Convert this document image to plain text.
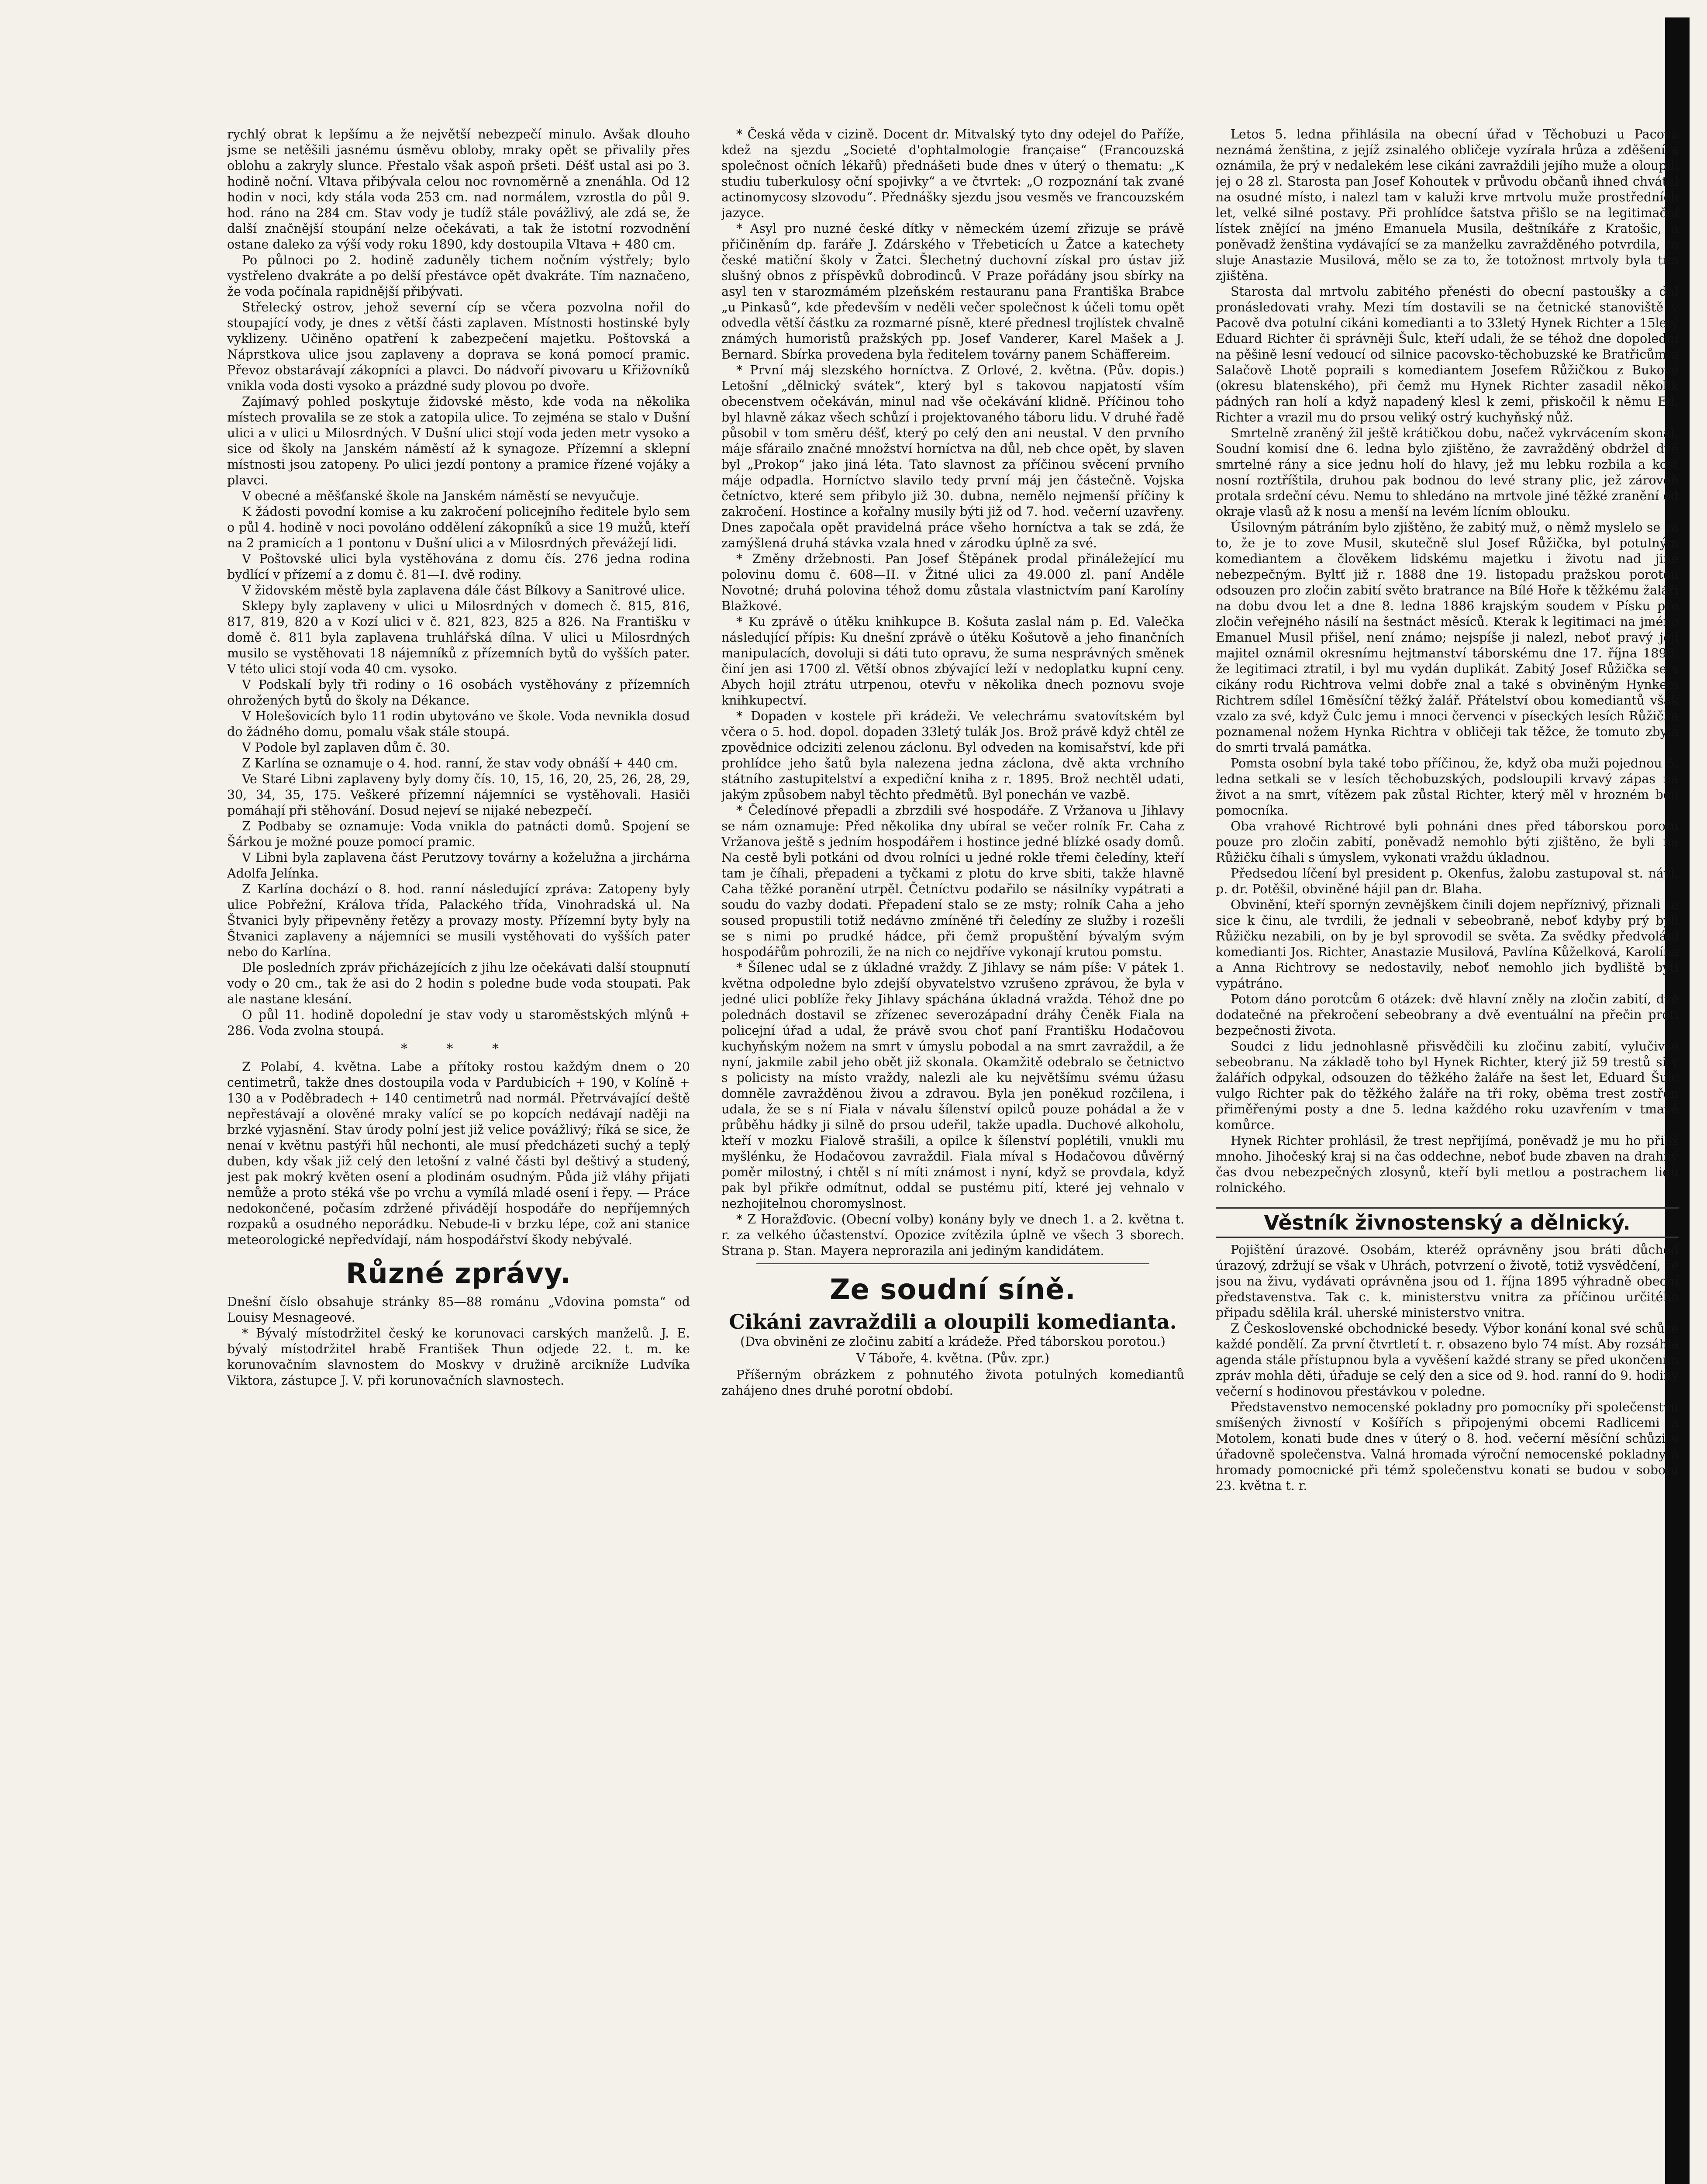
rychlý obrat k lepšímu a že největší nebezpečí minulo. Avšak dlouho jsme se netěšili jasnému úsměvu obloby, mraky opět se přivalily přes oblohu a zakryly slunce. Přestalo však aspoň pršeti. Déšť ustal asi po 3. hodině noční. Vltava přibývala celou noc rovnoměrně a znenáhla. Od 12 hodin v noci, kdy stála voda 253 cm. nad normálem, vzrostla do půl 9. hod. ráno na 284 cm. Stav vody je tudíž stále povážlivý, ale zdá se, že další značnější stoupání nelze očekávati, a tak že istotní rozvodnění ostane daleko za výší vody roku 1890, kdy dostoupila Vltava + 480 cm.

Po půlnoci po 2. hodině zaduněly tichem nočním výstřely; bylo vystřeleno dvakráte a po delší přestávce opět dvakráte. Tím naznačeno, že voda počínala rapidnější přibývati.

Střelecký ostrov, jehož severní cíp se včera pozvolna nořil do stoupající vody, je dnes z větší části zaplaven. Místnosti hostinské byly vyklizeny. Učiněno opatření k zabezpečení majetku. Poštovská a Náprstkova ulice jsou zaplaveny a doprava se koná pomocí pramic. Převoz obstarávají zákopníci a plavci. Do nádvoří pivovaru u Křižovníků vnikla voda dosti vysoko a prázdné sudy plovou po dvoře.

Zajímavý pohled poskytuje židovské město, kde voda na několika místech provalila se ze stok a zatopila ulice. To zejména se stalo v Dušní ulici a v ulici u Milosrdných. V Dušní ulici stojí voda jeden metr vysoko a sice od školy na Janském náměstí až k synagoze. Přízemní a sklepní místnosti jsou zatopeny. Po ulici jezdí pontony a pramice řízené vojáky a plavci.

V obecné a měšťanské škole na Janském náměstí se nevyučuje.

K žádosti povodní komise a ku zakročení policejního ředitele bylo sem o půl 4. hodině v noci povoláno oddělení zákopníků a sice 19 mužů, kteří na 2 pramicích a 1 pontonu v Dušní ulici a v Milosrdných převážejí lidi.

V Poštovské ulici byla vystěhována z domu čís. 276 jedna rodina bydlící v přízemí a z domu č. 81—I. dvě rodiny.

V židovském městě byla zaplavena dále část Bílkovy a Sanitrové ulice.

Sklepy byly zaplaveny v ulici u Milosrdných v domech č. 815, 816, 817, 819, 820 a v Kozí ulici v č. 821, 823, 825 a 826. Na Františku v domě č. 811 byla zaplavena truhlářská dílna. V ulici u Milosrdných musilo se vystěhovati 18 nájemníků z přízemních bytů do vyšších pater. V této ulici stojí voda 40 cm. vysoko.

V Podskalí byly tři rodiny o 16 osobách vystěhovány z přízemních ohrožených bytů do školy na Dékance.

V Holešovicích bylo 11 rodin ubytováno ve škole. Voda nevnikla dosud do žádného domu, pomalu však stále stoupá.

V Podole byl zaplaven dům č. 30.

Z Karlína se oznamuje o 4. hod. ranní, že stav vody obnáší + 440 cm.

Ve Staré Libni zaplaveny byly domy čís. 10, 15, 16, 20, 25, 26, 28, 29, 30, 34, 35, 175. Veškeré přízemní nájemníci se vystěhovali. Hasiči pomáhají při stěhování. Dosud nejeví se nijaké nebezpečí.

Z Podbaby se oznamuje: Voda vnikla do patnácti domů. Spojení se Šárkou je možné pouze pomocí pramic.

V Libni byla zaplavena část Perutzovy továrny a koželužna a jirchárna Adolfa Jelínka.

Z Karlína dochází o 8. hod. ranní následující zpráva: Zatopeny byly ulice Pobřežní, Králova třída, Palackého třída, Vinohradská ul. Na Štvanici byly připevněny řetězy a provazy mosty. Přízemní byty byly na Štvanici zaplaveny a nájemníci se musili vystěhovati do vyšších pater nebo do Karlína.

Dle posledních zpráv přicházejících z jihu lze očekávati další stoupnutí vody o 20 cm., tak že asi do 2 hodin s poledne bude voda stoupati. Pak ale nastane klesání.

O půl 11. hodině dopolední je stav vody u staroměstských mlýnů + 286. Voda zvolna stoupá.

* * *

Z Polabí, 4. května. Labe a přítoky rostou každým dnem o 20 centimetrů, takže dnes dostoupila voda v Pardubicích + 190, v Kolíně + 130 a v Poděbradech + 140 centimetrů nad normál. Přetrvávající deště nepřestávají a olověné mraky valící se po kopcích nedávají naději na brzké vyjasnění. Stav úrody polní jest již velice povážlivý; říká se sice, že nenaí v květnu pastýři hůl nechonti, ale musí předcházeti suchý a teplý duben, kdy však již celý den letošní z valné části byl deštivý a studený, jest pak mokrý květen osení a plodinám osudným. Půda již vláhy přijati nemůže a proto stéká vše po vrchu a vymílá mladé osení i řepy. — Práce nedokončené, počasím zdržené přivádějí hospodáře do nepříjemných rozpaků a osudného neporádku. Nebude-li v brzku lépe, což ani stanice meteorologické nepředvídají, nám hospodářství škody nebývalé.

Různé zprávy.

Dnešní číslo obsahuje stránky 85—88 románu „Vdovina pomsta“ od Louisy Mesnageové.

* Bývalý místodržitel český ke korunovaci carských manželů. J. E. bývalý místodržitel hrabě František Thun odjede 22. t. m. ke korunovačním slavnostem do Moskvy v družině arcikníže Ludvíka Viktora, zástupce J. V. při korunovačních slavnostech.

* Česká věda v cizině. Docent dr. Mitvalský tyto dny odejel do Paříže, kdež na sjezdu „Societé d'ophtalmologie française“ (Francouzská společnost očních lékařů) přednášeti bude dnes v úterý o thematu: „K studiu tuberkulosy oční spojivky“ a ve čtvrtek: „O rozpoznání tak zvané actinomycosy slzovodu“. Přednášky sjezdu jsou vesměs ve francouzském jazyce.

* Asyl pro nuzné české dítky v německém území zřizuje se právě přičiněním dp. faráře J. Zdárského v Třebeticích u Žatce a katechety české matiční školy v Žatci. Šlechetný duchovní získal pro ústav již slušný obnos z příspěvků dobrodinců. V Praze pořádány jsou sbírky na asyl ten v starozmámém plzeňském restauranu pana Františka Brabce „u Pinkasů“, kde především v neděli večer společnost k účeli tomu opět odvedla větší částku za rozmarné písně, které přednesl trojlístek chvalně známých humoristů pražských pp. Josef Vanderer, Karel Mašek a J. Bernard. Sbírka provedena byla ředitelem továrny panem Schäffereim.

* První máj slezského horníctva. Z Orlové, 2. května. (Pův. dopis.) Letošní „dělnický svátek“, který byl s takovou napjatostí vším obecenstvem očekáván, minul nad vše očekávání klidně. Příčinou toho byl hlavně zákaz všech schůzí i projektovaného táboru lidu. V druhé řadě působil v tom směru déšť, který po celý den ani neustal. V den prvního máje sfárailo značné množství horníctva na důl, neb chce opět, by slaven byl „Prokop“ jako jiná léta. Tato slavnost za příčinou svěcení prvního máje odpadla. Horníctvo slavilo tedy první máj jen částečně. Vojska četníctvo, které sem přibylo již 30. dubna, nemělo nejmenší příčiny k zakročení. Hostince a kořalny musily býti již od 7. hod. večerní uzavřeny. Dnes započala opět pravidelná práce všeho horníctva a tak se zdá, že zamýšlená druhá stávka vzala hned v zárodku úplně za své.

* Změny držebnosti. Pan Josef Štěpánek prodal přináležející mu polovinu domu č. 608—II. v Žitné ulici za 49.000 zl. paní Anděle Novotné; druhá polovina téhož domu zůstala vlastnictvím paní Karolíny Blažkové.

* Ku zprávě o útěku knihkupce B. Košuta zaslal nám p. Ed. Valečka následující přípis: Ku dnešní zprávě o útěku Košutově a jeho finančních manipulacích, dovoluji si dáti tuto opravu, že suma nesprávných směnek činí jen asi 1700 zl. Větší obnos zbývající leží v nedoplatku kupní ceny. Abych hojil ztrátu utrpenou, otevřu v několika dnech poznovu svoje knihkupectví.

* Dopaden v kostele při krádeži. Ve velechrámu svatovítském byl včera o 5. hod. dopol. dopaden 33letý tulák Jos. Brož právě když chtěl ze zpovědnice odciziti zelenou záclonu. Byl odveden na komisařství, kde při prohlídce jeho šatů byla nalezena jedna záclona, dvě akta vrchního státního zastupitelství a expediční kniha z r. 1895. Brož nechtěl udati, jakým způsobem nabyl těchto předmětů. Byl ponechán ve vazbě.

* Čeledínové přepadli a zbrzdili své hospodáře. Z Vržanova u Jihlavy se nám oznamuje: Před několika dny ubíral se večer rolník Fr. Caha z Vržanova ještě s jedním hospodářem i hostince jedné blízké osady domů. Na cestě byli potkáni od dvou rolníci u jedné rokle třemi čeledíny, kteří tam je číhali, přepadeni a tyčkami z plotu do krve sbiti, takže hlavně Caha těžké poranění utrpěl. Četníctvu podařilo se násilníky vypátrati a soudu do vazby dodati. Přepadení stalo se ze msty; rolník Caha a jeho soused propustili totiž nedávno zmíněné tři čeledíny ze služby i rozešli se s nimi po prudké hádce, při čemž propuštění bývalým svým hospodářům pohrozili, že na nich co nejdříve vykonají krutou pomstu.

* Šílenec udal se z úkladné vraždy. Z Jihlavy se nám píše: V pátek 1. května odpoledne bylo zdejší obyvatelstvo vzrušeno zprávou, že byla v jedné ulici poblíže řeky Jihlavy spáchána úkladná vražda. Téhož dne po polednách dostavil se zřízenec severozápadní dráhy Čeněk Fiala na policejní úřad a udal, že právě svou choť paní Františku Hodačovou kuchyňským nožem na smrt v úmyslu pobodal a na smrt zavraždil, a že nyní, jakmile zabil jeho obět již skonala. Okamžitě odebralo se četnictvo s policisty na místo vraždy, nalezli ale ku největšímu svému úžasu domněle zavražděnou živou a zdravou. Byla jen poněkud rozčilena, i udala, že se s ní Fiala v návalu šílenství opilců pouze pohádal a že v průběhu hádky ji silně do prsou udeřil, takže upadla. Duchové alkoholu, kteří v mozku Fialově strašili, a opilce k šílenství poplétili, vnukli mu myšlénku, že Hodačovou zavraždil. Fiala míval s Hodačovou důvěrný poměr milostný, i chtěl s ní míti známost i nyní, když se provdala, když pak byl přikře odmítnut, oddal se pustému pití, které jej vehnalo v nezhojitelnou choromyslnost.

* Z Horažďovic. (Obecní volby) konány byly ve dnech 1. a 2. května t. r. za velkého účastenství. Opozice zvítězila úplně ve všech 3 sborech. Strana p. Stan. Mayera neprorazila ani jediným kandidátem.

Ze soudní síně.
Cikáni zavraždili a oloupili komedianta.
(Dva obviněni ze zločinu zabití a krádeže. Před táborskou porotou.)
V Táboře, 4. května. (Pův. zpr.)

Příšerným obrázkem z pohnutého života potulných komediantů zahájeno dnes druhé porotní období.

Letos 5. ledna přihlásila na obecní úřad v Těchobuzi u Pacova neznámá ženština, z jejíž zsinalého obličeje vyzírala hrůza a zděšení a oznámila, že prý v nedalekém lese cikáni zavraždili jejího muže a oloupili jej o 28 zl. Starosta pan Josef Kohoutek v průvodu občanů ihned chvátal na osudné místo, i nalezl tam v kaluži krve mrtvolu muže prostředních let, velké silné postavy. Při prohlídce šatstva přišlo se na legitimační lístek znějící na jméno Emanuela Musila, deštníkáře z Kratošic, a poněvadž ženština vydávající se za manželku zavražděného potvrdila, že sluje Anastazie Musilová, mělo se za to, že totožnost mrtvoly byla tím zjištěna.

Starosta dal mrtvolu zabitého přenésti do obecní pastoušky a dal pronásledovati vrahy. Mezi tím dostavili se na četnické stanoviště v Pacově dva potulní cikáni komedianti a to 33letý Hynek Richter a 15letý Eduard Richter či správněji Šulc, kteří udali, že se téhož dne dopolední na pěšině lesní vedoucí od silnice pacovsko-těchobuzské ke Bratřicům a Salačově Lhotě popraili s komediantem Josefem Růžičkou z Bukové (okresu blatenského), při čemž mu Hynek Richter zasadil několik pádných ran holí a když napadený klesl k zemi, přiskočil k němu Ed. Richter a vrazil mu do prsou veliký ostrý kuchyňský nůž.

Smrtelně zraněný žil ještě krátičkou dobu, načež vykrvácením skonal. Soudní komisí dne 6. ledna bylo zjištěno, že zavražděný obdržel dvě smrtelné rány a sice jednu holí do hlavy, jež mu lebku rozbila a kost nosní roztříštila, druhou pak bodnou do levé strany plic, jež zároveň protala srdeční cévu. Nemu to shledáno na mrtvole jiné těžké zranění od okraje vlasů až k nosu a menší na levém lícním oblouku.

Úsilovným pátráním bylo zjištěno, že zabitý muž, o němž myslelo se za to, že je to zove Musil, skutečně slul Josef Růžička, byl potulným komediantem a člověkem lidskému majetku i životu nad jiné nebezpečným. Byltť již r. 1888 dne 19. listopadu pražskou porotou odsouzen pro zločin zabití světo bratrance na Bílé Hoře k těžkému žaláři na dobu dvou let a dne 8. ledna 1886 krajským soudem v Písku pro zločin veřejného násilí na šestnáct měsíců. Kterak k legitimaci na jméno Emanuel Musil přišel, není známo; nejspíše ji nalezl, neboť pravý její majitel oznámil okresnímu hejtmanství táborskému dne 17. října 1895, že legitimaci ztratil, i byl mu vydán duplikát. Zabitý Josef Růžička se s cikány rodu Richtrova velmi dobře znal a také s obviněným Hynkem Richtrem sdílel 16měsíční těžký žalář. Přátelství obou komediantů však vzalo za své, když Čulc jemu i mnoci červenci v píseckých lesích Růžička poznamenal nožem Hynka Richtra v obličeji tak těžce, že tomuto zbyla do smrti trvalá památka.

Pomsta osobní byla také tobo příčinou, že, když oba muži pojednou 5. ledna setkali se v lesích těchobuzských, podsloupili krvavý zápas na život a na smrt, vítězem pak zůstal Richter, který měl v hrozném boji pomocníka.

Oba vrahové Richtrové byli pohnáni dnes před táborskou porotu pouze pro zločin zabití, poněvadž nemohlo býti zjištěno, že byli na Růžičku číhali s úmyslem, vykonati vraždu úkladnou.

Předsedou líčení byl president p. Okenfus, žalobu zastupoval st. návl. p. dr. Potěšil, obviněné hájil pan dr. Blaha.

Obvinění, kteří spornýn zevnějškem činili dojem nepříznivý, přiznali se sice k činu, ale tvrdili, že jednali v sebeobraně, neboť kdyby prý byli Růžičku nezabili, on by je byl sprovodil se světa. Za svědky předvoláni komedianti Jos. Richter, Anastazie Musilová, Pavlína Kůželková, Karolína a Anna Richtrovy se nedostavily, neboť nemohlo jich bydliště býti vypátráno.

Potom dáno porotcům 6 otázek: dvě hlavní zněly na zločin zabití, dvě dodatečné na překročení sebeobrany a dvě eventuální na přečin proti bezpečnosti života.

Soudci z lidu jednohlasně přisvědčili ku zločinu zabití, vylučivše sebeobranu. Na základě toho byl Hynek Richter, který již 59 trestů si v žalářích odpykal, odsouzen do těžkého žaláře na šest let, Eduard Šulc vulgo Richter pak do těžkého žaláře na tři roky, oběma trest zostřen přiměřenými posty a dne 5. ledna každého roku uzavřením v tmavé komůrce.

Hynek Richter prohlásil, že trest nepřijímá, poněvadž je mu ho přiliš mnoho. Jihočeský kraj si na čas oddechne, neboť bude zbaven na drahný čas dvou nebezpečných zlosynů, kteří byli metlou a postrachem lidu rolnického.

Věstník živnostenský a dělnický.

Pojištění úrazové. Osobám, kteréž oprávněny jsou bráti důchod úrazový, zdržují se však v Uhrách, potvrzení o životě, totiž vysvědčení, že jsou na živu, vydávati oprávněna jsou od 1. října 1895 výhradně obecní představenstva. Tak c. k. ministerstvu vnitra za příčinou určitého připadu sdělila král. uherské ministerstvo vnitra.

Z Československé obchodnické besedy. Výbor konání konal své schůze každé pondělí. Za první čtvrtletí t. r. obsazeno bylo 74 míst. Aby rozsáhlá agenda stále přístupnou byla a vyvěšení každé strany se před ukončením zpráv mohla děti, úřaduje se celý den a sice od 9. hod. ranní do 9. hodiny večerní s hodinovou přestávkou v poledne.

Představenstvo nemocenské pokladny pro pomocníky při společenstvu smíšených živností v Košířích s připojenými obcemi Radlicemi a Motolem, konati bude dnes v úterý o 8. hod. večerní měsíční schůzi v úřadovně společenstva. Valná hromada výroční nemocenské pokladny a hromady pomocnické při témž společenstvu konati se budou v sobotu 23. května t. r.
